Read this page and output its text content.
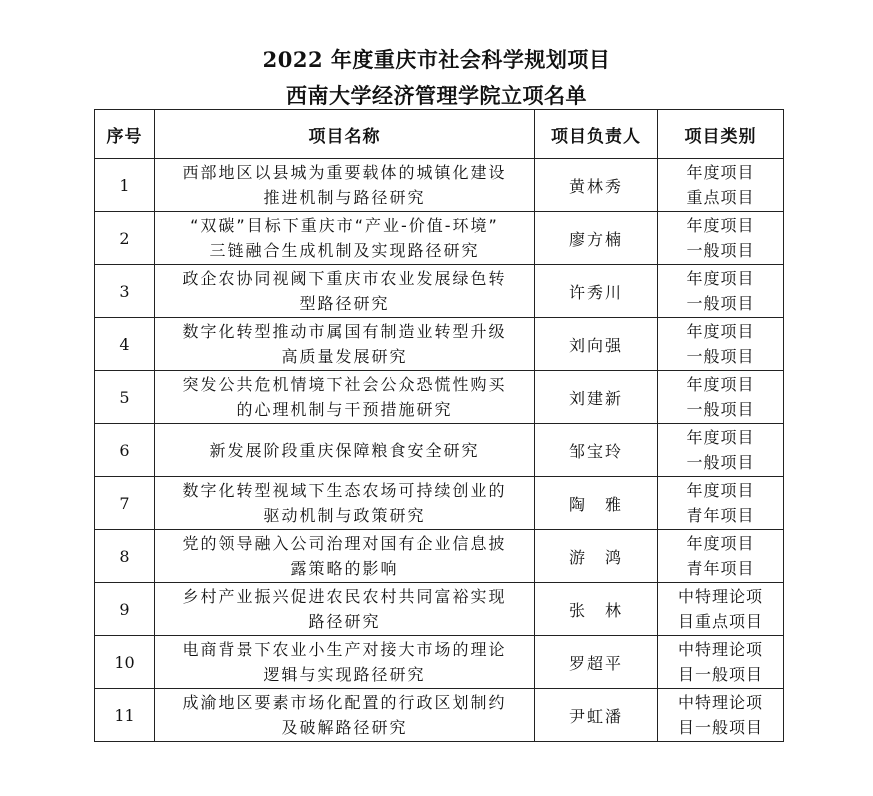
2022 年度重庆市社会科学规划项目
西南大学经济管理学院立项名单
序号	项目名称	项目负责人	项目类别
1	西部地区以县城为重要载体的城镇化建设
推进机制与路径研究	黄林秀	年度项目
重点项目

2	“双碳”目标下重庆市“产业-价值-环境”
三链融合生成机制及实现路径研究	廖方楠	年度项目
一般项目

3	政企农协同视阈下重庆市农业发展绿色转
型路径研究	许秀川	年度项目
一般项目

4	数字化转型推动市属国有制造业转型升级
高质量发展研究	刘向强	年度项目
一般项目

5	突发公共危机情境下社会公众恐慌性购买
的心理机制与干预措施研究	刘建新	年度项目
一般项目

6	新发展阶段重庆保障粮食安全研究	邹宝玲	年度项目
一般项目

7	数字化转型视域下生态农场可持续创业的
驱动机制与政策研究	陶　雅	年度项目
青年项目

8	党的领导融入公司治理对国有企业信息披
露策略的影响	游　鸿	年度项目
青年项目

9	乡村产业振兴促进农民农村共同富裕实现
路径研究	张　林	中特理论项
目重点项目

10	电商背景下农业小生产对接大市场的理论
逻辑与实现路径研究	罗超平	中特理论项
目一般项目

11	成渝地区要素市场化配置的行政区划制约
及破解路径研究	尹虹潘	中特理论项
目一般项目
